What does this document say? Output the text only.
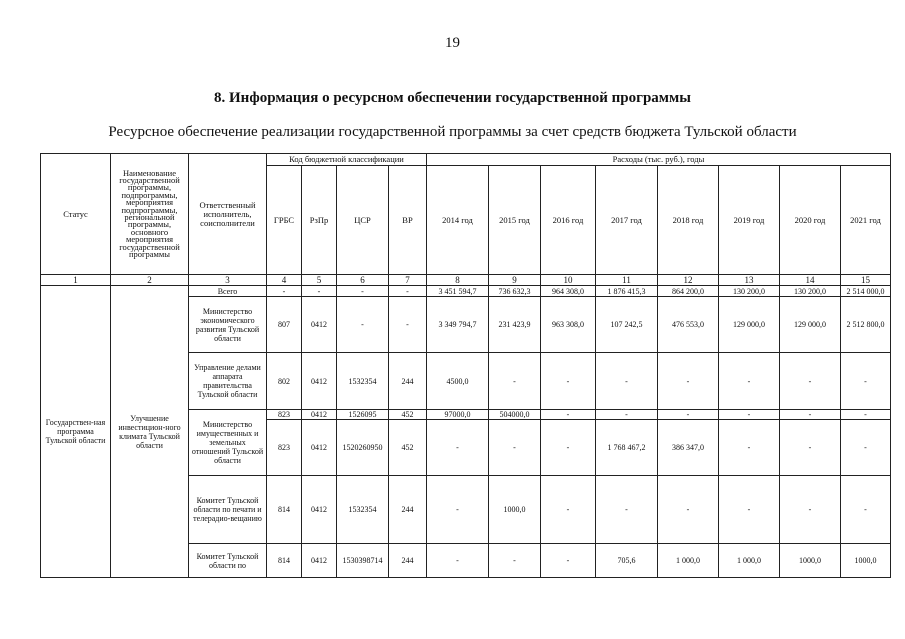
19
8. Информация о ресурсном обеспечении государственной программы
Ресурсное обеспечение реализации государственной программы за счет средств бюджета Тульской области
Статус	Наименование государственной программы, подпрограммы, мероприятия подпрограммы, региональной программы, основного мероприятия государственной программы	Ответственный исполнитель, соисполнители	Код бюджетной классификации				Расходы (тыс. руб.), годы							
			ГРБС	РзПр	ЦСР	ВР	2014 год	2015 год	2016 год	2017 год	2018 год	2019 год	2020 год	2021 год
1	2	3	4	5	6	7	8	9	10	11	12	13	14	15
Государствен-ная программа Тульской области	Улучшение инвестицион-ного климата Тульской области	Всего	-	-	-	-	3 451 594,7	736 632,3	964 308,0	1 876 415,3	864 200,0	130 200,0	130 200,0	2 514 000,0
		Министерство экономического развития Тульской области	807	0412	-	-	3 349 794,7	231 423,9	963 308,0	107 242,5	476 553,0	129 000,0	129 000,0	2 512 800,0
		Управление делами аппарата правительства Тульской области	802	0412	1532354	244	4500,0	-	-	-	-	-	-	-
		Министерство имущественных и земельных отношений Тульской области	823	0412	1526095	452	97000,0	504000,0	-	-	-	-	-	-
			823	0412	1520260950	452	-	-	-	1 768 467,2	386 347,0	-	-	-
		Комитет Тульской области по печати и телерадио-вещанию	814	0412	1532354	244	-	1000,0	-	-	-	-	-	-
		Комитет Тульской области по	814	0412	1530398714	244	-	-	-	705,6	1 000,0	1 000,0	1000,0	1000,0
